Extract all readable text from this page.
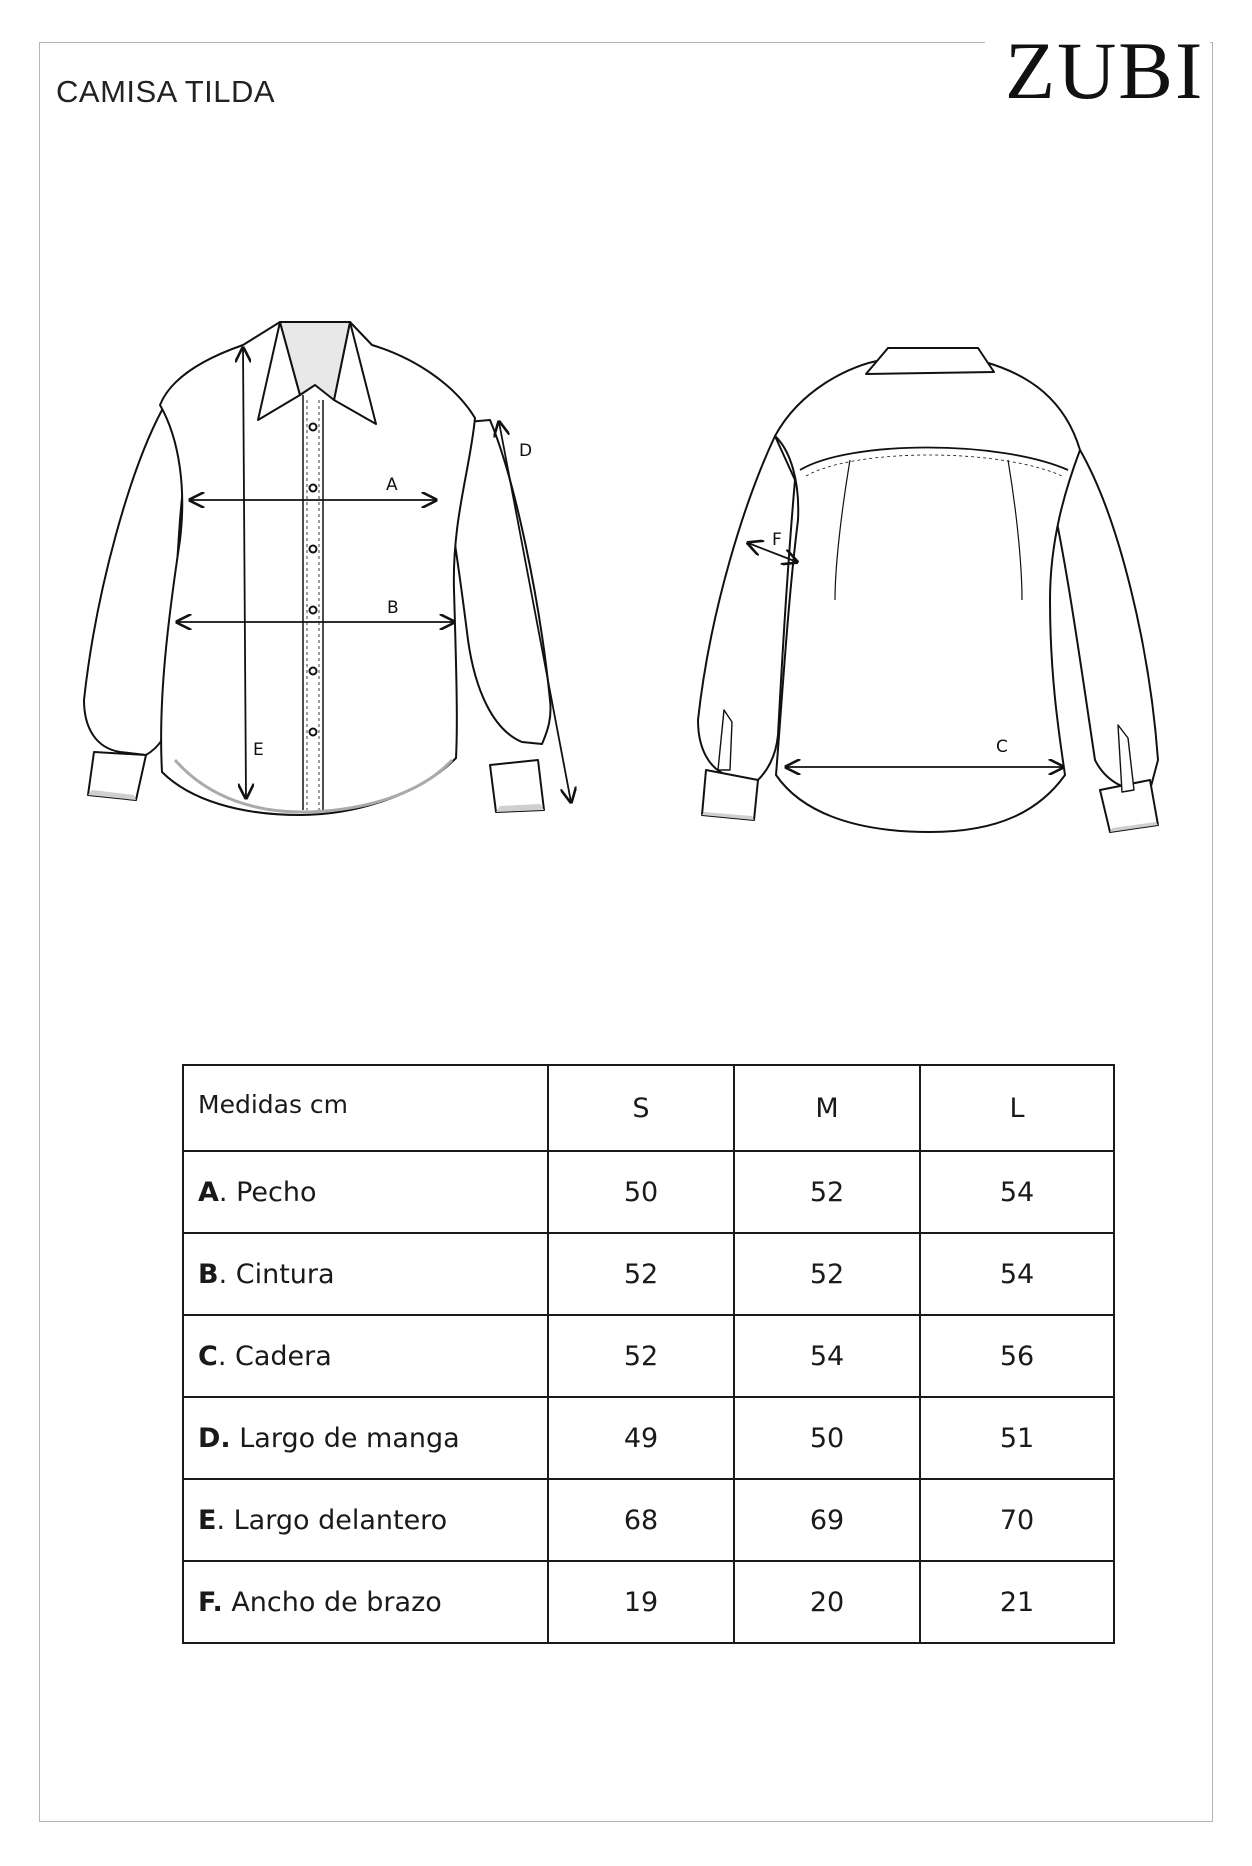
CAMISA TILDA	ZUBI
A
B
D
E	C
F
Medidas cm	S	M	L
A. Pecho	50	52	54
B. Cintura	52	52	54
C. Cadera	52	54	56
D. Largo de manga	49	50	51
E. Largo delantero	68	69	70
F. Ancho de brazo	19	20	21
